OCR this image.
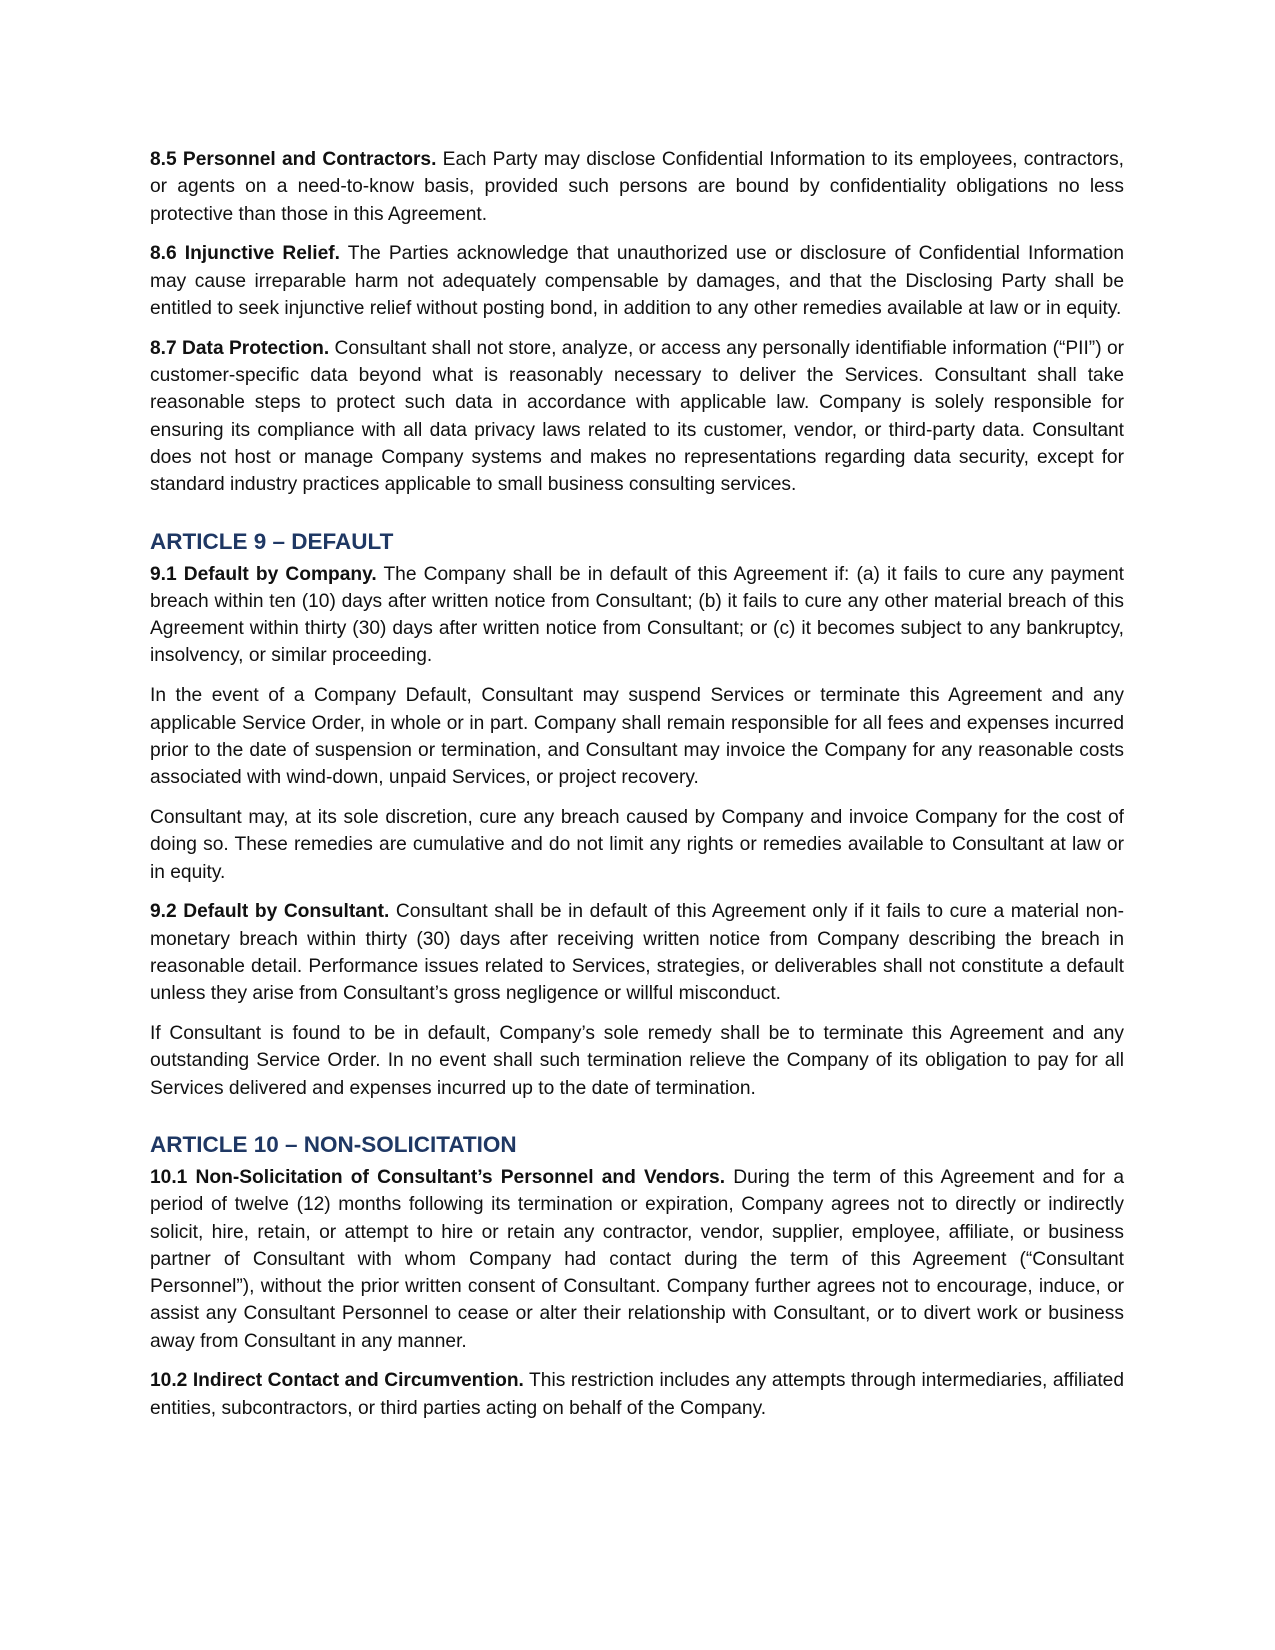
8.5 Personnel and Contractors. Each Party may disclose Confidential Information to its employees, contractors, or agents on a need-to-know basis, provided such persons are bound by confidentiality obligations no less protective than those in this Agreement.

8.6 Injunctive Relief. The Parties acknowledge that unauthorized use or disclosure of Confidential Information may cause irreparable harm not adequately compensable by damages, and that the Disclosing Party shall be entitled to seek injunctive relief without posting bond, in addition to any other remedies available at law or in equity.

8.7 Data Protection. Consultant shall not store, analyze, or access any personally identifiable information (“PII”) or customer-specific data beyond what is reasonably necessary to deliver the Services. Consultant shall take reasonable steps to protect such data in accordance with applicable law. Company is solely responsible for ensuring its compliance with all data privacy laws related to its customer, vendor, or third-party data. Consultant does not host or manage Company systems and makes no representations regarding data security, except for standard industry practices applicable to small business consulting services.

ARTICLE 9 – DEFAULT

9.1 Default by Company. The Company shall be in default of this Agreement if: (a) it fails to cure any payment breach within ten (10) days after written notice from Consultant; (b) it fails to cure any other material breach of this Agreement within thirty (30) days after written notice from Consultant; or (c) it becomes subject to any bankruptcy, insolvency, or similar proceeding.

In the event of a Company Default, Consultant may suspend Services or terminate this Agreement and any applicable Service Order, in whole or in part. Company shall remain responsible for all fees and expenses incurred prior to the date of suspension or termination, and Consultant may invoice the Company for any reasonable costs associated with wind-down, unpaid Services, or project recovery.

Consultant may, at its sole discretion, cure any breach caused by Company and invoice Company for the cost of doing so. These remedies are cumulative and do not limit any rights or remedies available to Consultant at law or in equity.

9.2 Default by Consultant. Consultant shall be in default of this Agreement only if it fails to cure a material non-monetary breach within thirty (30) days after receiving written notice from Company describing the breach in reasonable detail. Performance issues related to Services, strategies, or deliverables shall not constitute a default unless they arise from Consultant’s gross negligence or willful misconduct.

If Consultant is found to be in default, Company’s sole remedy shall be to terminate this Agreement and any outstanding Service Order. In no event shall such termination relieve the Company of its obligation to pay for all Services delivered and expenses incurred up to the date of termination.

ARTICLE 10 – NON-SOLICITATION

10.1 Non-Solicitation of Consultant’s Personnel and Vendors. During the term of this Agreement and for a period of twelve (12) months following its termination or expiration, Company agrees not to directly or indirectly solicit, hire, retain, or attempt to hire or retain any contractor, vendor, supplier, employee, affiliate, or business partner of Consultant with whom Company had contact during the term of this Agreement (“Consultant Personnel”), without the prior written consent of Consultant. Company further agrees not to encourage, induce, or assist any Consultant Personnel to cease or alter their relationship with Consultant, or to divert work or business away from Consultant in any manner.

10.2 Indirect Contact and Circumvention. This restriction includes any attempts through intermediaries, affiliated entities, subcontractors, or third parties acting on behalf of the Company.
